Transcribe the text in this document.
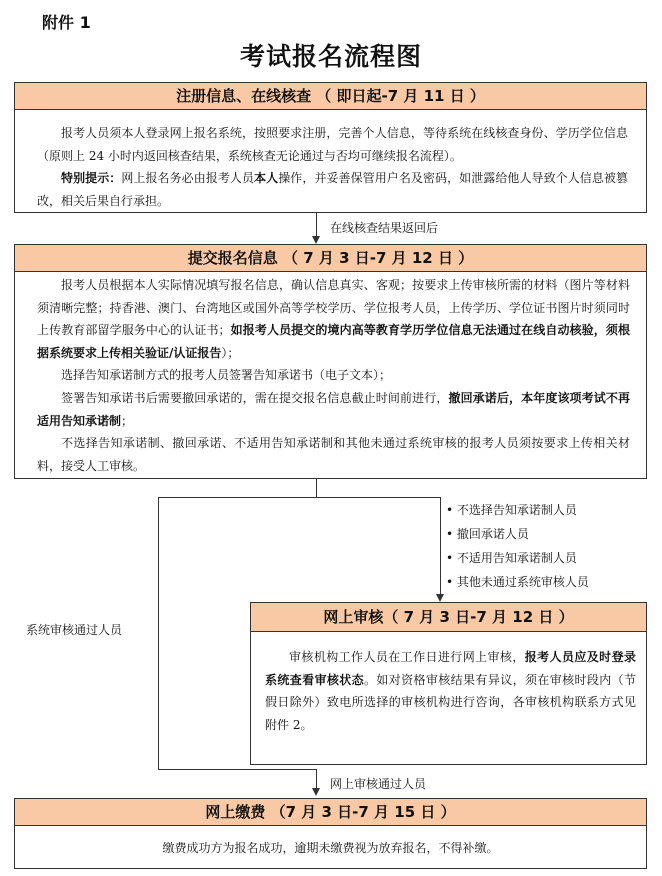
附件 1
考试报名流程图
注册信息、在线核查 （ 即日起-7 月 11 日 ）

报考人员须本人登录网上报名系统，按照要求注册，完善个人信息，等待系统在线核查身份、学历学位信息（原则上 24 小时内返回核查结果，系统核查无论通过与否均可继续报名流程）。

特别提示：网上报名务必由报考人员本人操作，并妥善保管用户名及密码，如泄露给他人导致个人信息被篡改，相关后果自行承担。

在线核查结果返回后
提交报名信息 （ 7 月 3 日-7 月 12 日 ）

报考人员根据本人实际情况填写报名信息，确认信息真实、客观；按要求上传审核所需的材料（图片等材料须清晰完整；持香港、澳门、台湾地区或国外高等学校学历、学位报考人员，上传学历、学位证书图片时须同时上传教育部留学服务中心的认证书；如报考人员提交的境内高等教育学历学位信息无法通过在线自动核验，须根据系统要求上传相关验证/认证报告）；

选择告知承诺制方式的报考人员签署告知承诺书（电子文本）；

签署告知承诺书后需要撤回承诺的，需在提交报名信息截止时间前进行，撤回承诺后，本年度该项考试不再适用告知承诺制；

不选择告知承诺制、撤回承诺、不适用告知承诺制和其他未通过系统审核的报考人员须按要求上传相关材料，接受人工审核。

系统审核通过人员
• 不选择告知承诺制人员
• 撤回承诺人员
• 不适用告知承诺制人员
• 其他未通过系统审核人员
网上审核（ 7 月 3 日-7 月 12 日 ）

审核机构工作人员在工作日进行网上审核，报考人员应及时登录系统查看审核状态。如对资格审核结果有异议，须在审核时段内（节假日除外）致电所选择的审核机构进行咨询，各审核机构联系方式见附件 2。

网上审核通过人员
网上缴费 （7 月 3 日-7 月 15 日 ）
缴费成功方为报名成功，逾期未缴费视为放弃报名，不得补缴。
